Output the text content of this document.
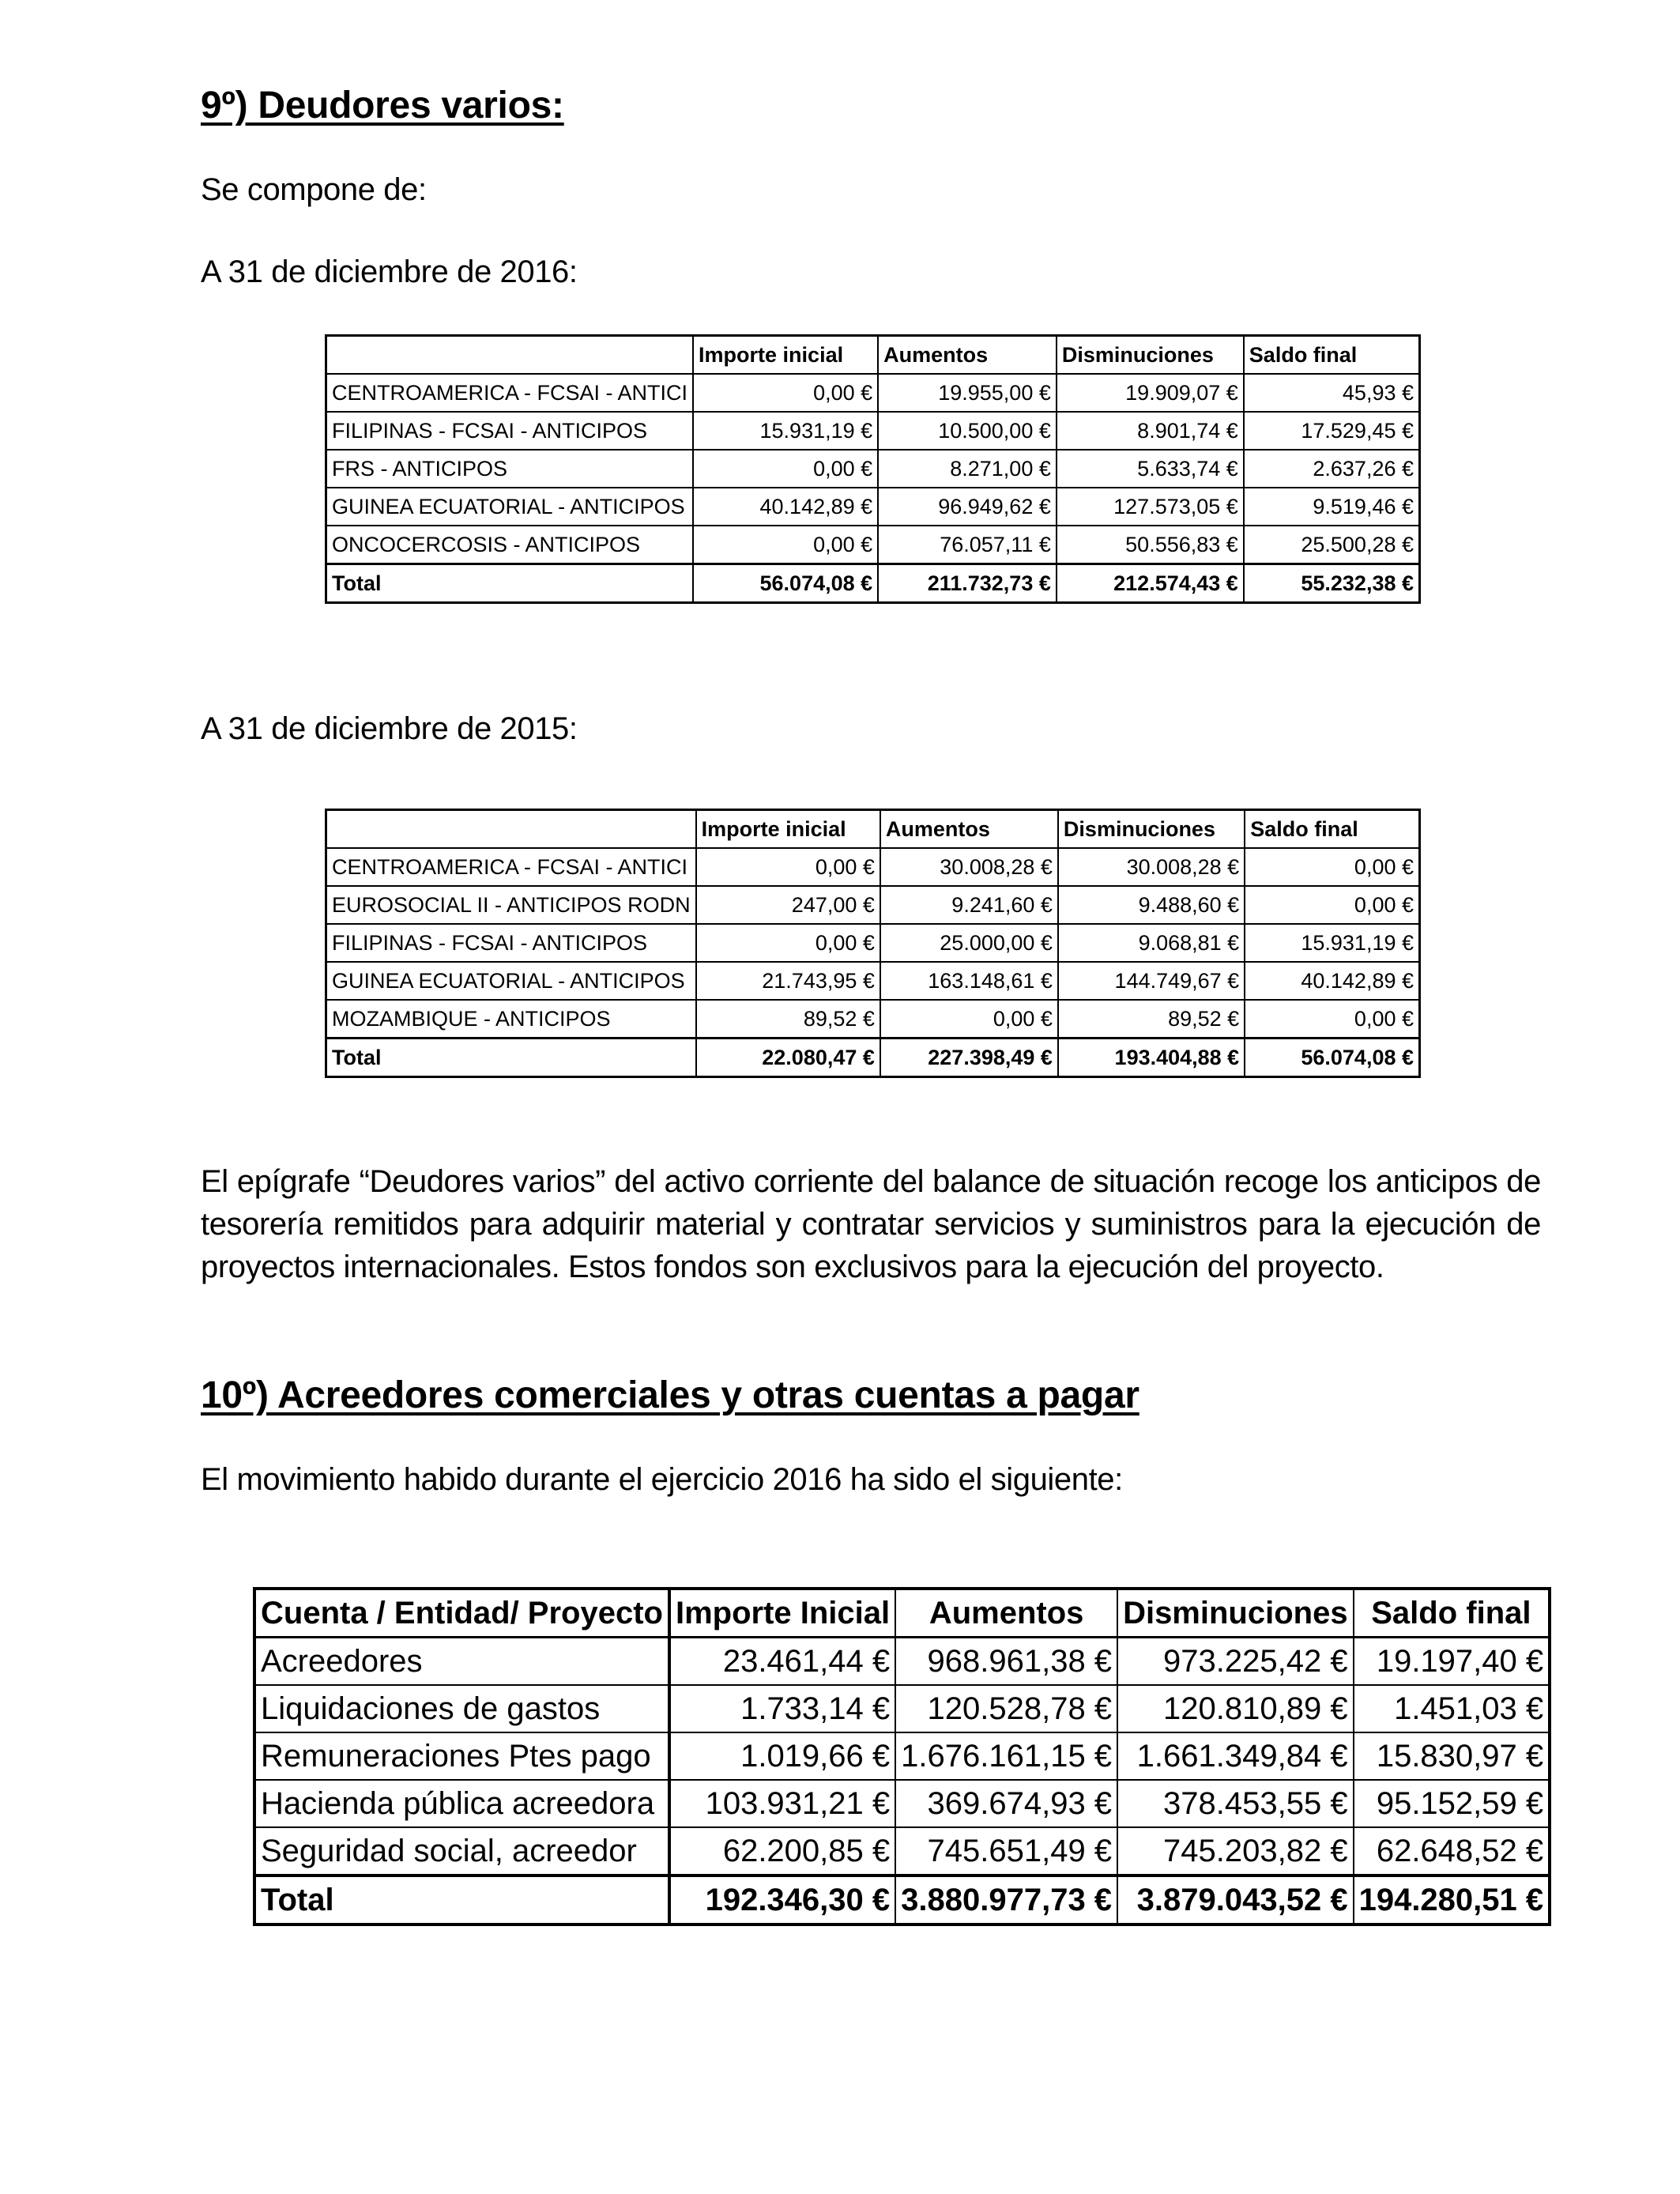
9º) Deudores varios:

Se compone de:

A 31 de diciembre de 2016:

	Importe inicial	Aumentos	Disminuciones	Saldo final
CENTROAMERICA - FCSAI - ANTICI	0,00 €	19.955,00 €	19.909,07 €	45,93 €
FILIPINAS - FCSAI - ANTICIPOS	15.931,19 €	10.500,00 €	8.901,74 €	17.529,45 €
FRS - ANTICIPOS	0,00 €	8.271,00 €	5.633,74 €	2.637,26 €
GUINEA ECUATORIAL - ANTICIPOS	40.142,89 €	96.949,62 €	127.573,05 €	9.519,46 €
ONCOCERCOSIS - ANTICIPOS	0,00 €	76.057,11 €	50.556,83 €	25.500,28 €
Total	56.074,08 €	211.732,73 €	212.574,43 €	55.232,38 €

A 31 de diciembre de 2015:

	Importe inicial	Aumentos	Disminuciones	Saldo final
CENTROAMERICA - FCSAI - ANTICI	0,00 €	30.008,28 €	30.008,28 €	0,00 €
EUROSOCIAL II - ANTICIPOS RODN	247,00 €	9.241,60 €	9.488,60 €	0,00 €
FILIPINAS - FCSAI - ANTICIPOS	0,00 €	25.000,00 €	9.068,81 €	15.931,19 €
GUINEA ECUATORIAL - ANTICIPOS	21.743,95 €	163.148,61 €	144.749,67 €	40.142,89 €
MOZAMBIQUE - ANTICIPOS	89,52 €	0,00 €	89,52 €	0,00 €
Total	22.080,47 €	227.398,49 €	193.404,88 €	56.074,08 €

El epígrafe “Deudores varios” del activo corriente del balance de situación recoge los anticipos de tesorería remitidos para adquirir material y contratar servicios y suministros para la ejecución de proyectos internacionales. Estos fondos son exclusivos para la ejecución del proyecto.

10º) Acreedores comerciales y otras cuentas a pagar

El movimiento habido durante el ejercicio 2016 ha sido el siguiente:

Cuenta / Entidad/ Proyecto	Importe Inicial	Aumentos	Disminuciones	Saldo final
Acreedores	23.461,44 €	968.961,38 €	973.225,42 €	19.197,40 €
Liquidaciones de gastos	1.733,14 €	120.528,78 €	120.810,89 €	1.451,03 €
Remuneraciones Ptes pago	1.019,66 €	1.676.161,15 €	1.661.349,84 €	15.830,97 €
Hacienda pública acreedora	103.931,21 €	369.674,93 €	378.453,55 €	95.152,59 €
Seguridad social, acreedor	62.200,85 €	745.651,49 €	745.203,82 €	62.648,52 €
Total	192.346,30 €	3.880.977,73 €	3.879.043,52 €	194.280,51 €
